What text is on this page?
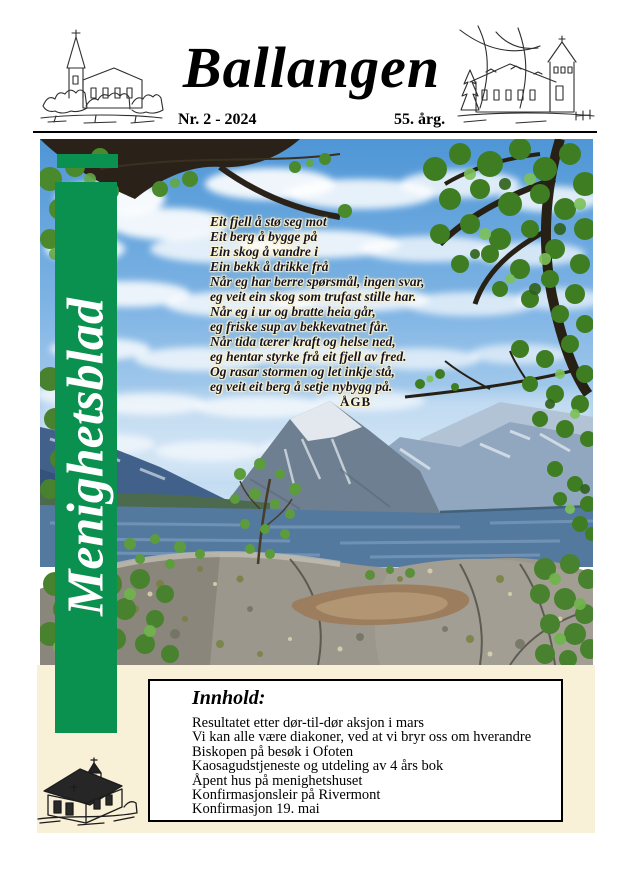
Ballangen
Nr. 2 - 2024	55. årg.
Eit fjell å stø seg mot
Eit berg å bygge på
Ein skog å vandre i
Ein bekk å drikke frå
Når eg har berre spørsmål, ingen svar,
eg veit ein skog som trufast stille har.
Når eg i ur og bratte heia går,
eg friske sup av bekkevatnet får.
Når tida tærer kraft og helse ned,
eg hentar styrke frå eit fjell av fred.
Og rasar stormen og let inkje stå,
eg veit eit berg å setje nybygg på.
ÅGB
Innhold:
Resultatet etter dør-til-dør aksjon i mars
Vi kan alle være diakoner, ved at vi bryr oss om hverandre
Biskopen på besøk i Ofoten
Kaosagudstjeneste og utdeling av 4 års bok
Åpent hus på menighetshuset
Konfirmasjonsleir på Rivermont
Konfirmasjon 19. mai
Menighetsblad
